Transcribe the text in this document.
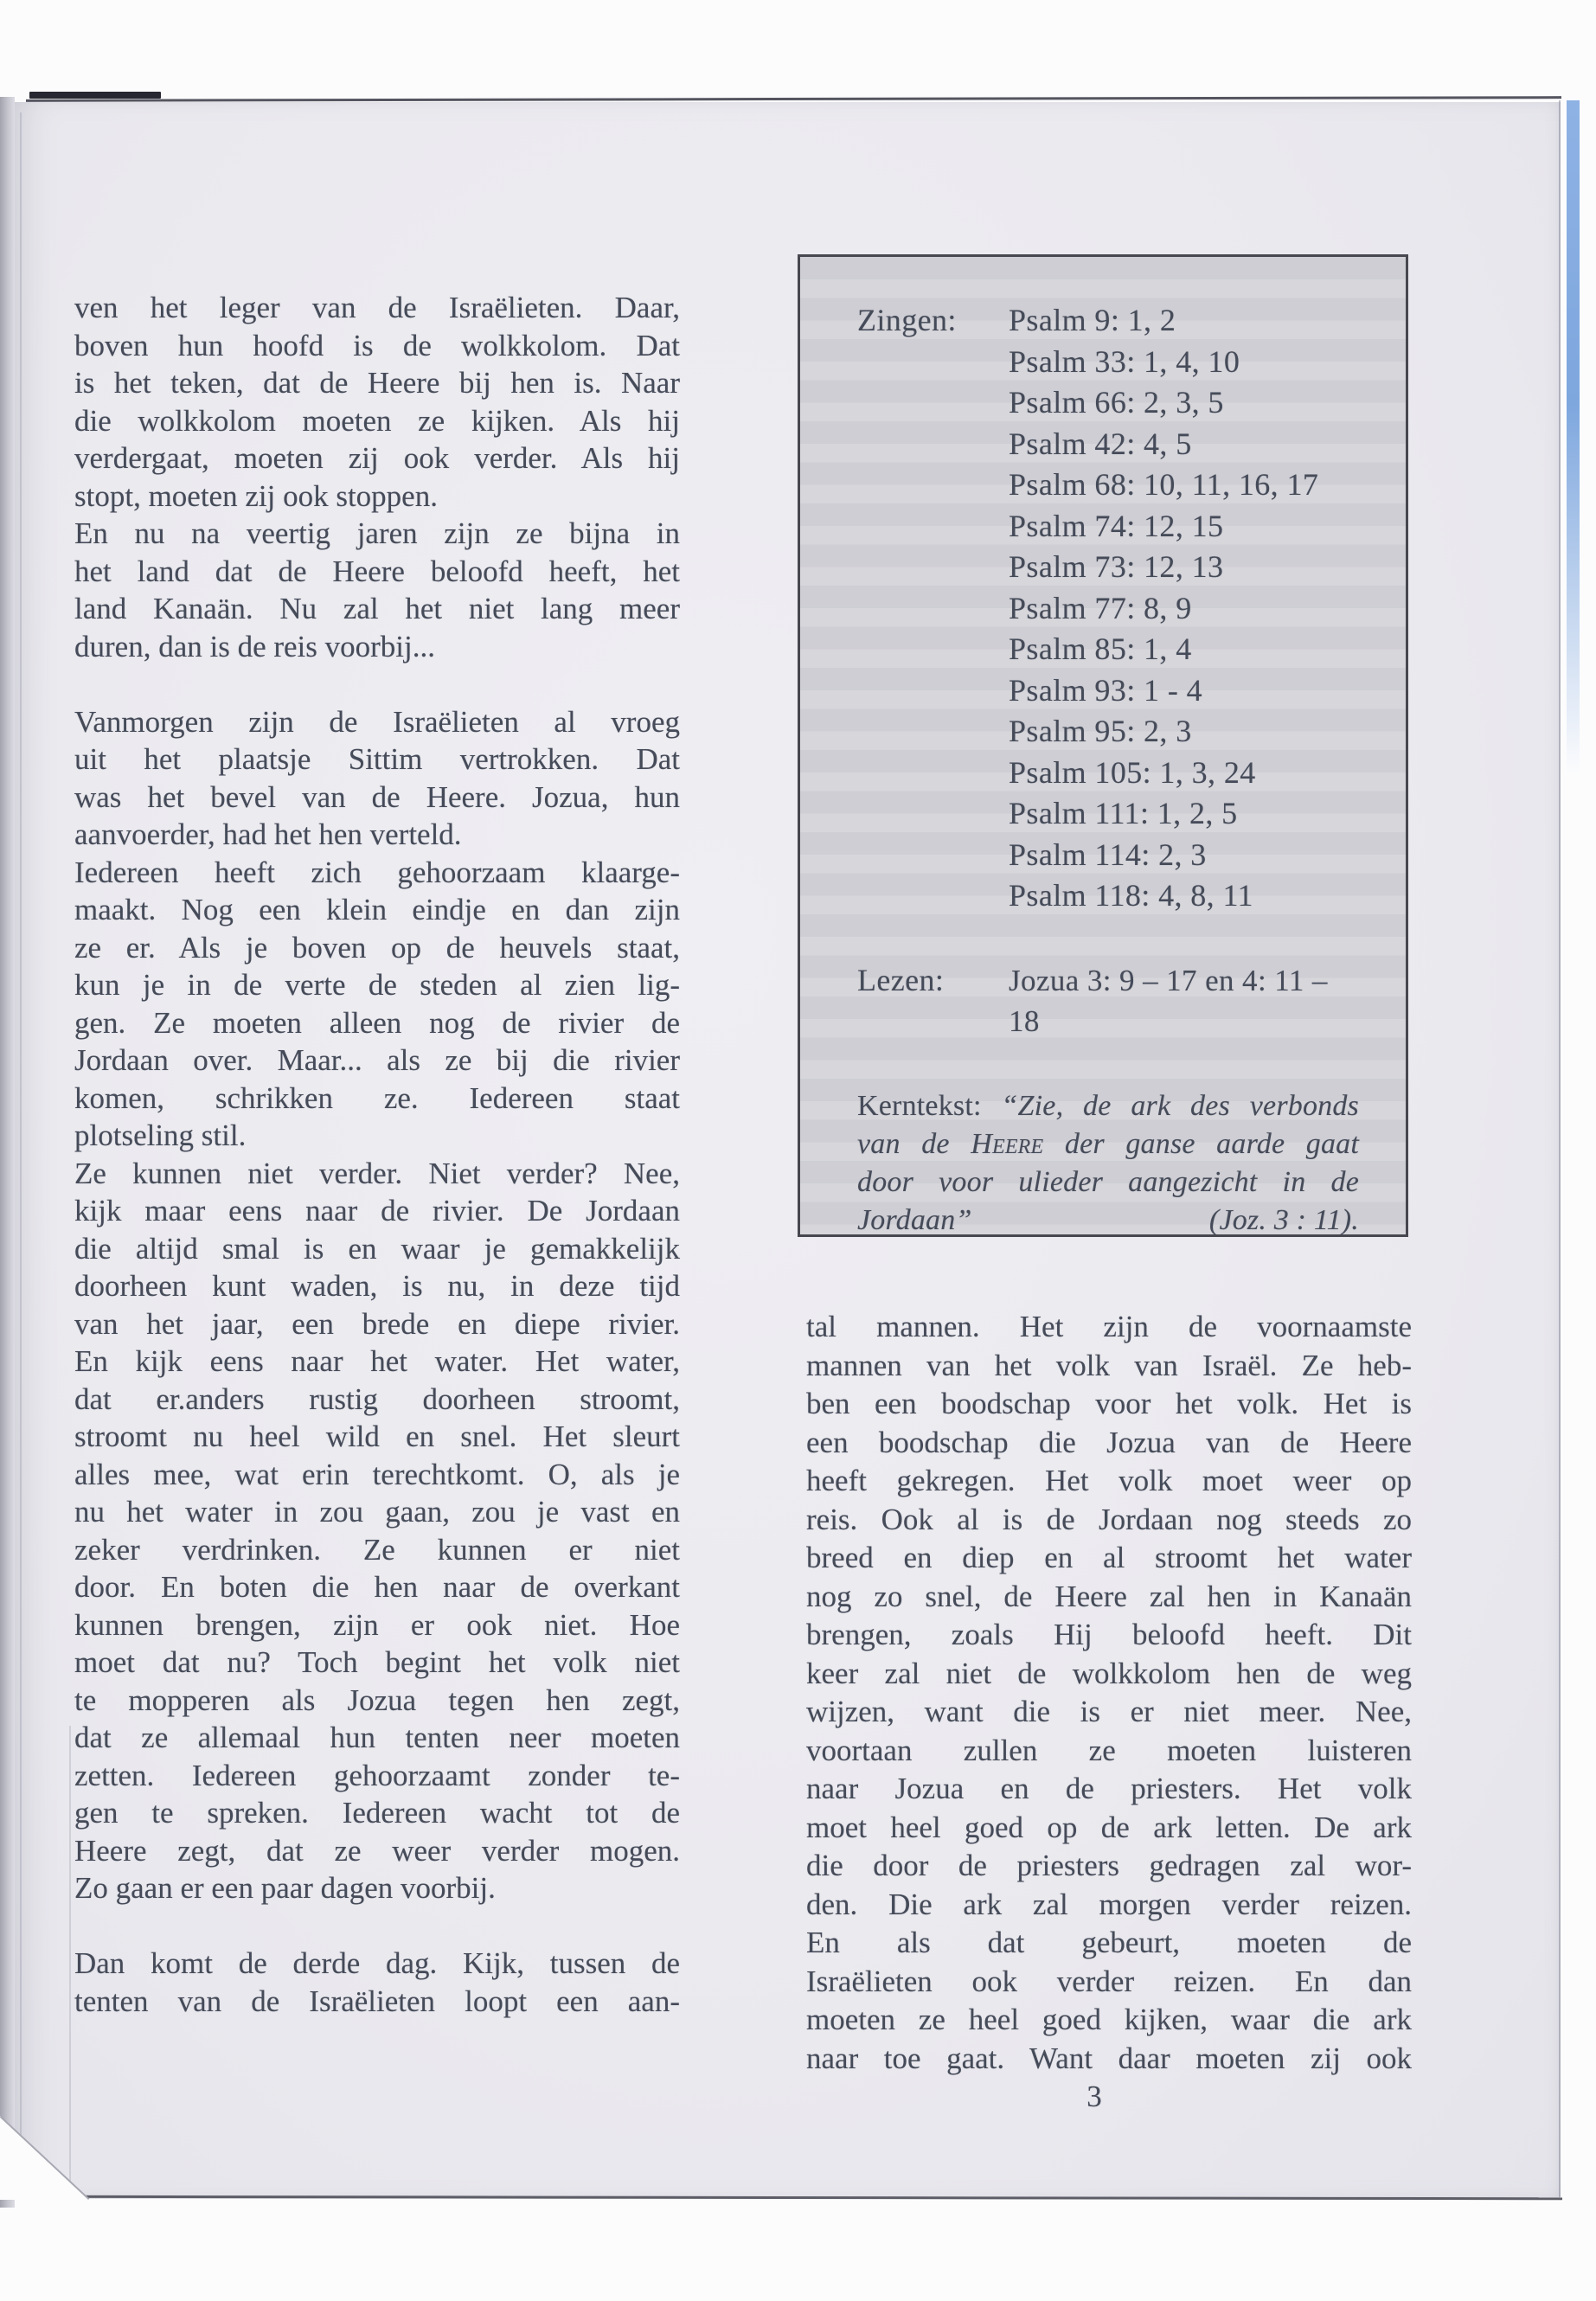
ven het leger van de Israëlieten. Daar,
boven hun hoofd is de wolkkolom. Dat
is het teken, dat de Heere bij hen is. Naar
die wolkkolom moeten ze kijken. Als hij
verdergaat, moeten zij ook verder. Als hij
stopt, moeten zij ook stoppen.
En nu na veertig jaren zijn ze bijna in
het land dat de Heere beloofd heeft, het
land Kanaän. Nu zal het niet lang meer
duren, dan is de reis voorbij...
Vanmorgen zijn de Israëlieten al vroeg
uit het plaatsje Sittim vertrokken. Dat
was het bevel van de Heere. Jozua, hun
aanvoerder, had het hen verteld.
Iedereen heeft zich gehoorzaam klaarge-
maakt. Nog een klein eindje en dan zijn
ze er. Als je boven op de heuvels staat,
kun je in de verte de steden al zien lig-
gen. Ze moeten alleen nog de rivier de
Jordaan over. Maar... als ze bij die rivier
komen, schrikken ze. Iedereen staat
plotseling stil.
Ze kunnen niet verder. Niet verder? Nee,
kijk maar eens naar de rivier. De Jordaan
die altijd smal is en waar je gemakkelijk
doorheen kunt waden, is nu, in deze tijd
van het jaar, een brede en diepe rivier.
En kijk eens naar het water. Het water,
dat er.anders rustig doorheen stroomt,
stroomt nu heel wild en snel. Het sleurt
alles mee, wat erin terechtkomt. O, als je
nu het water in zou gaan, zou je vast en
zeker verdrinken. Ze kunnen er niet
door. En boten die hen naar de overkant
kunnen brengen, zijn er ook niet. Hoe
moet dat nu? Toch begint het volk niet
te mopperen als Jozua tegen hen zegt,
dat ze allemaal hun tenten neer moeten
zetten. Iedereen gehoorzaamt zonder te-
gen te spreken. Iedereen wacht tot de
Heere zegt, dat ze weer verder mogen.
Zo gaan er een paar dagen voorbij.
Dan komt de derde dag. Kijk, tussen de
tenten van de Israëlieten loopt een aan-
Zingen:	Psalm 9: 1, 2
Psalm 33: 1, 4, 10
Psalm 66: 2, 3, 5
Psalm 42: 4, 5
Psalm 68: 10, 11, 16, 17
Psalm 74: 12, 15
Psalm 73: 12, 13
Psalm 77: 8, 9
Psalm 85: 1, 4
Psalm 93: 1 - 4
Psalm 95: 2, 3
Psalm 105: 1, 3, 24
Psalm 111: 1, 2, 5
Psalm 114: 2, 3
Psalm 118: 4, 8, 11
Lezen:	Jozua 3: 9 – 17 en 4: 11 – 18
Kerntekst: “Zie, de ark des verbonds
van de Heere der ganse aarde gaat
door voor ulieder aangezicht in de
Jordaan”	(Joz. 3 : 11).
tal mannen. Het zijn de voornaamste
mannen van het volk van Israël. Ze heb-
ben een boodschap voor het volk. Het is
een boodschap die Jozua van de Heere
heeft gekregen. Het volk moet weer op
reis. Ook al is de Jordaan nog steeds zo
breed en diep en al stroomt het water
nog zo snel, de Heere zal hen in Kanaän
brengen, zoals Hij beloofd heeft. Dit
keer zal niet de wolkkolom hen de weg
wijzen, want die is er niet meer. Nee,
voortaan zullen ze moeten luisteren
naar Jozua en de priesters. Het volk
moet heel goed op de ark letten. De ark
die door de priesters gedragen zal wor-
den. Die ark zal morgen verder reizen.
En als dat gebeurt, moeten de
Israëlieten ook verder reizen. En dan
moeten ze heel goed kijken, waar die ark
naar toe gaat. Want daar moeten zij ook
3
